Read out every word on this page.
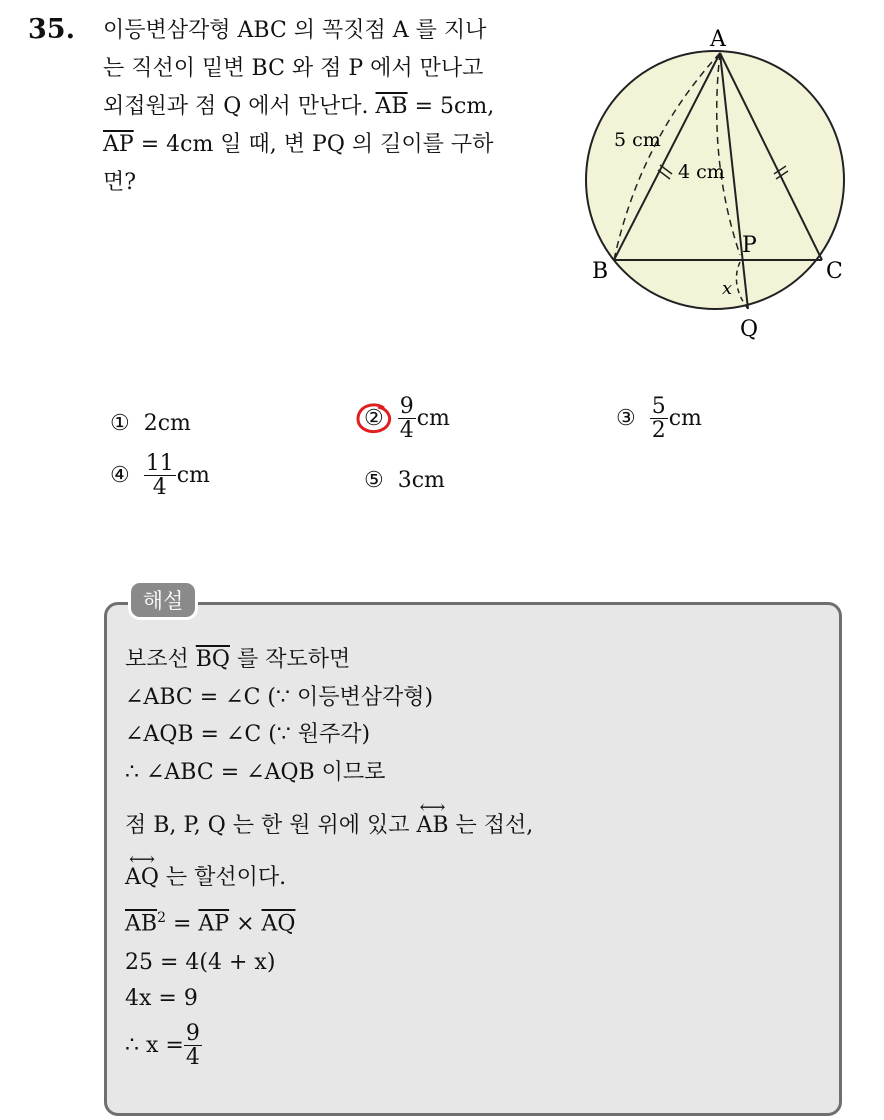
35. 이등변삼각형 ABC 의 꼭짓점 A 를 지나
는 직선이 밑변 BC 와 점 P 에서 만나고
외접원과 점 Q 에서 만난다. $\overline{AB} = 5cm$,
$\overline{AP} = 4cm$ 일 때, 변 PQ 의 길이를 구하
면?
A
B	C
P
Q
5 cm
4 cm
x
① 2cm	② $\frac{9}{4}$ cm	③ $\frac{5}{2}$ cm
④ $\frac{11}{4}$ cm	⑤ 3cm
해설
보조선 $\overline{BQ}$ 를 작도하면
∠ABC = ∠C (∵ 이등변삼각형)
∠AQB = ∠C (∵ 원주각)
∴ ∠ABC = ∠AQB 이므로
점 B, P, Q 는 한 원 위에 있고 ⟷ AB 는 접선,
⟷ AQ 는 할선이다.
$\overline{AB}^2 = \overline{AP} \times \overline{AQ}$
25 = 4(4 + x)
4x = 9
∴ $x = \frac{9}{4}$
